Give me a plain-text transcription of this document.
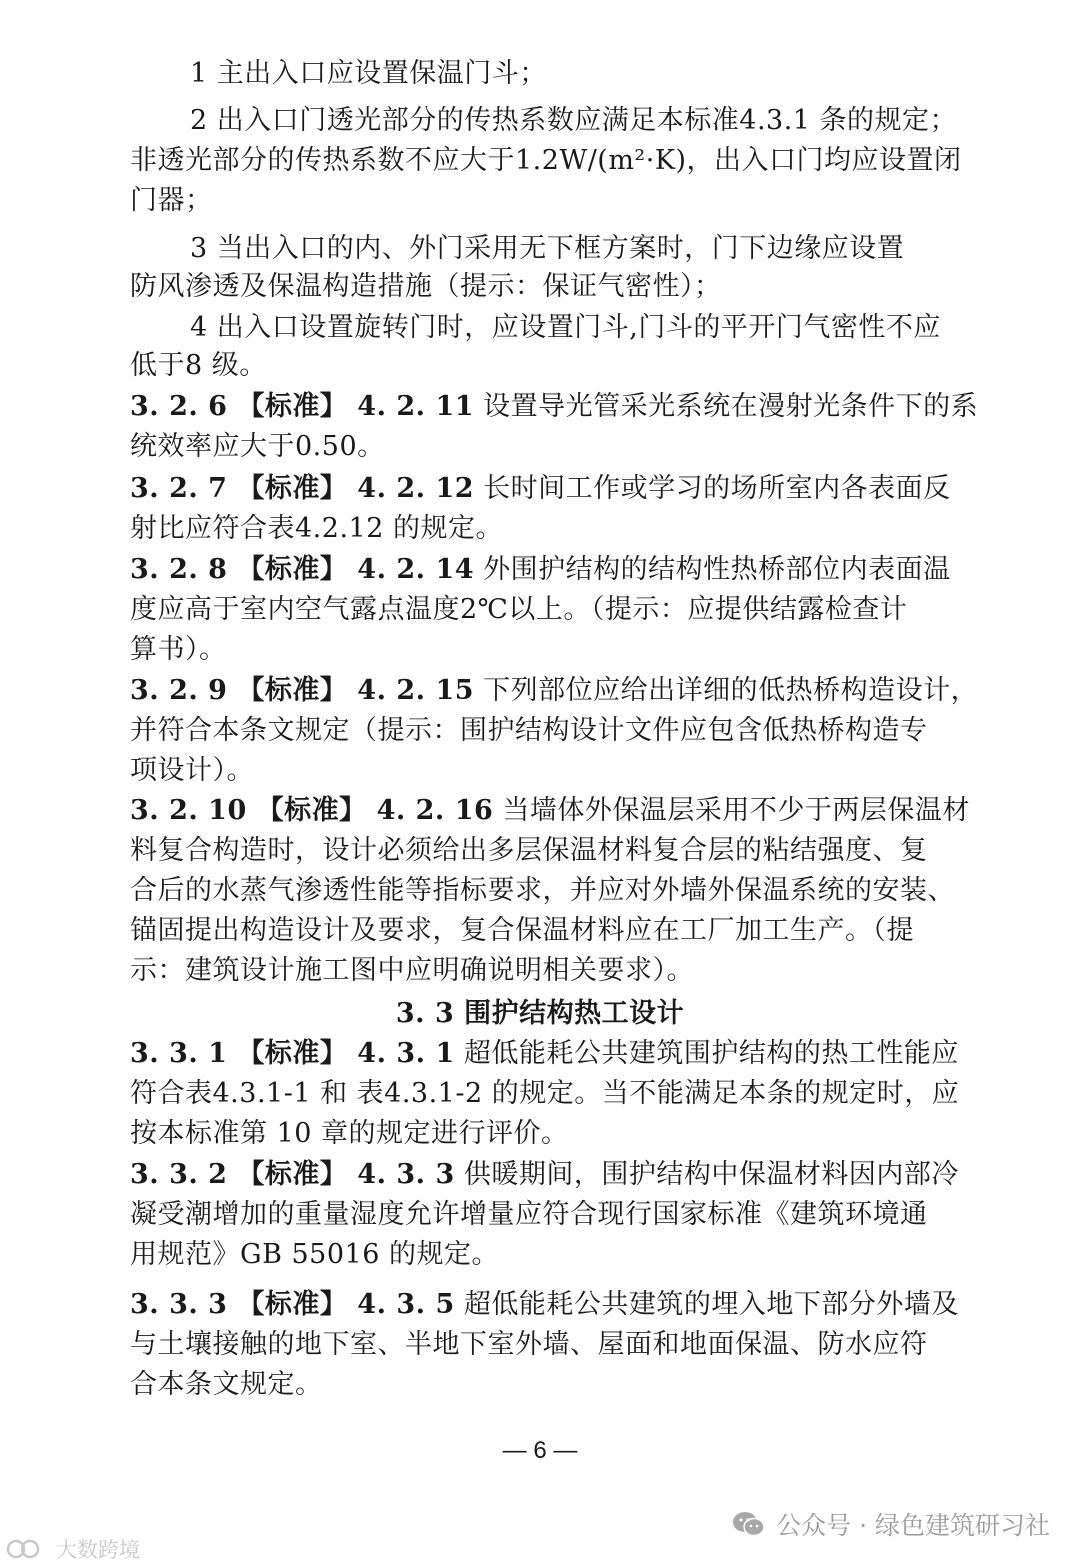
1 主出入口应设置保温门斗；
2 出入口门透光部分的传热系数应满足本标准4.3.1 条的规定；
非透光部分的传热系数不应大于1.2W/(m²·K)，出入口门均应设置闭
门器；
3 当出入口的内、外门采用无下框方案时，门下边缘应设置
防风渗透及保温构造措施（提示：保证气密性）；
4 出入口设置旋转门时，应设置门斗,门斗的平开门气密性不应
低于8 级。
3. 2. 6 【标准】 4. 2. 11 设置导光管采光系统在漫射光条件下的系
统效率应大于0.50。
3. 2. 7 【标准】 4. 2. 12 长时间工作或学习的场所室内各表面反
射比应符合表4.2.12 的规定。
3. 2. 8 【标准】 4. 2. 14 外围护结构的结构性热桥部位内表面温
度应高于室内空气露点温度2℃以上。（提示：应提供结露检查计
算书）。
3. 2. 9 【标准】 4. 2. 15 下列部位应给出详细的低热桥构造设计，
并符合本条文规定（提示：围护结构设计文件应包含低热桥构造专
项设计）。
3. 2. 10 【标准】 4. 2. 16 当墙体外保温层采用不少于两层保温材
料复合构造时，设计必须给出多层保温材料复合层的粘结强度、复
合后的水蒸气渗透性能等指标要求，并应对外墙外保温系统的安装、
锚固提出构造设计及要求，复合保温材料应在工厂加工生产。（提
示：建筑设计施工图中应明确说明相关要求）。
3. 3 围护结构热工设计
3. 3. 1 【标准】 4. 3. 1 超低能耗公共建筑围护结构的热工性能应
符合表4.3.1-1 和 表4.3.1-2 的规定。当不能满足本条的规定时，应
按本标准第 10 章的规定进行评价。
3. 3. 2 【标准】 4. 3. 3 供暖期间，围护结构中保温材料因内部冷
凝受潮增加的重量湿度允许增量应符合现行国家标准《建筑环境通
用规范》GB 55016 的规定。
3. 3. 3 【标准】 4. 3. 5 超低能耗公共建筑的埋入地下部分外墙及
与土壤接触的地下室、半地下室外墙、屋面和地面保温、防水应符
合本条文规定。
— 6 —
公众号 · 绿色建筑研习社
大数跨境
